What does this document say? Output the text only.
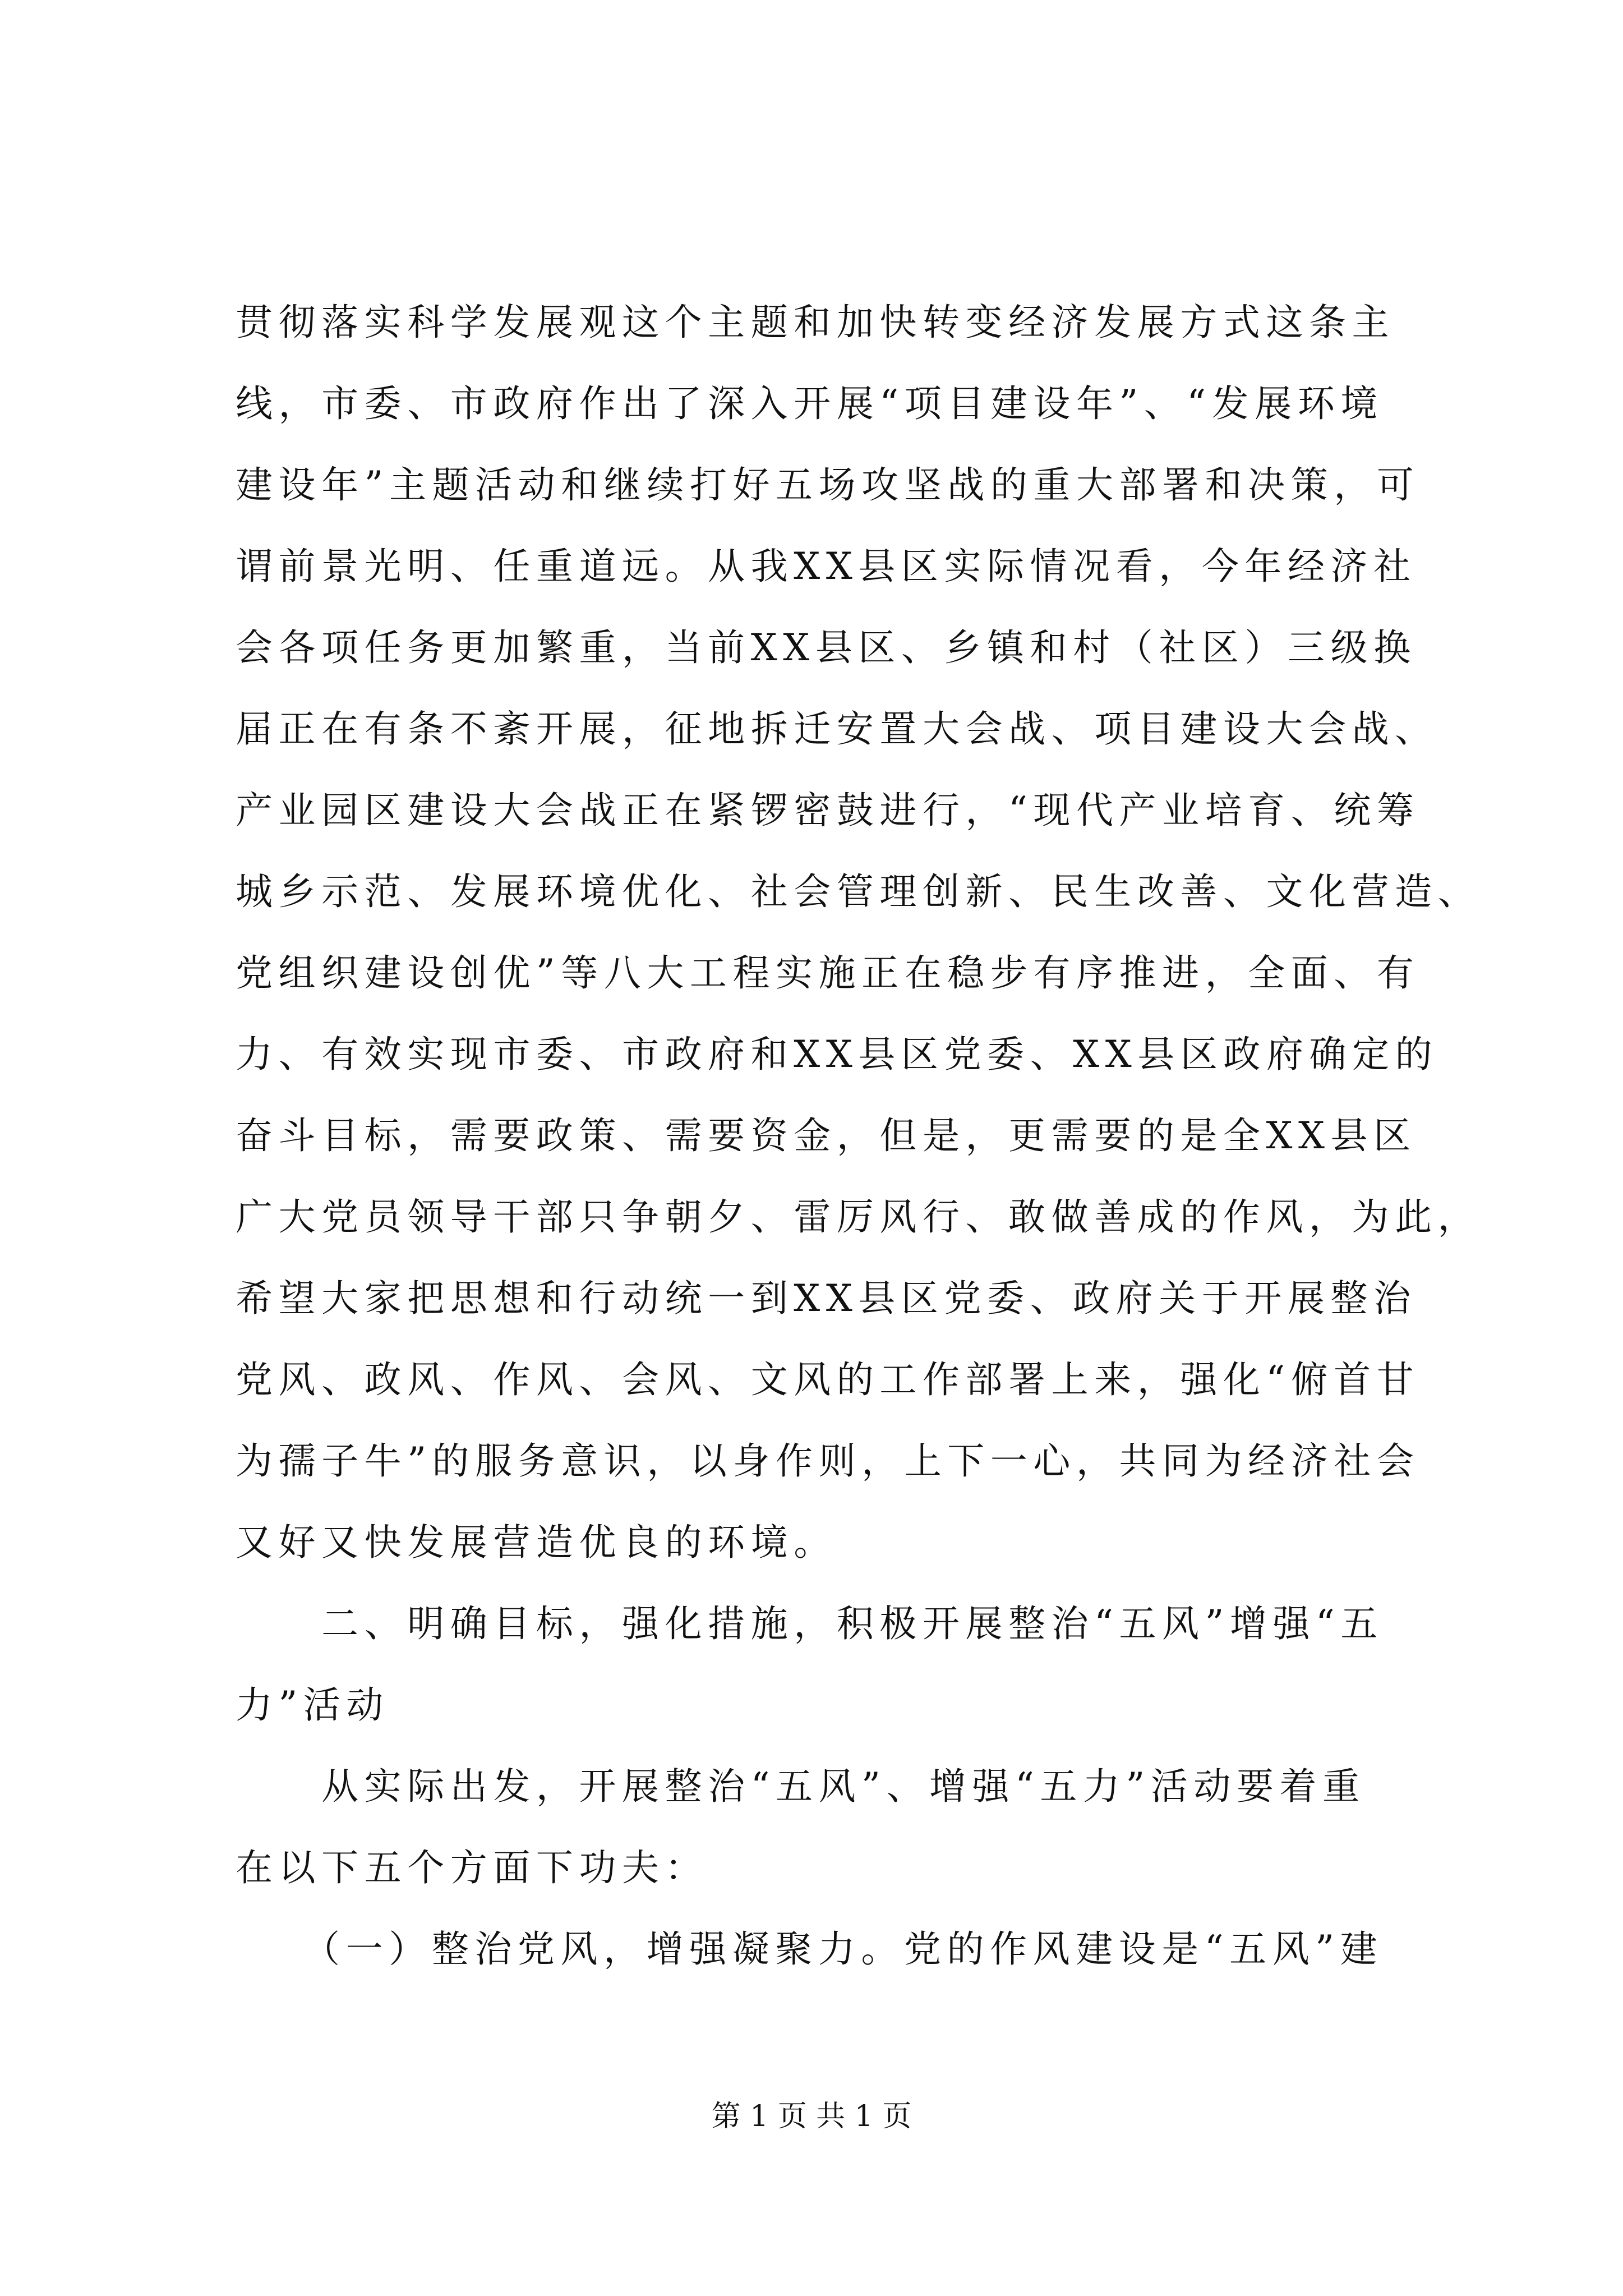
贯彻落实科学发展观这个主题和加快转变经济发展方式这条主
线，市委、市政府作出了深入开展“项目建设年”、“发展环境
建设年”主题活动和继续打好五场攻坚战的重大部署和决策，可
谓前景光明、任重道远。从我XX县区实际情况看，今年经济社
会各项任务更加繁重，当前XX县区、乡镇和村（社区）三级换
届正在有条不紊开展，征地拆迁安置大会战、项目建设大会战、
产业园区建设大会战正在紧锣密鼓进行，“现代产业培育、统筹
城乡示范、发展环境优化、社会管理创新、民生改善、文化营造、
党组织建设创优”等八大工程实施正在稳步有序推进，全面、有
力、有效实现市委、市政府和XX县区党委、XX县区政府确定的
奋斗目标，需要政策、需要资金，但是，更需要的是全XX县区
广大党员领导干部只争朝夕、雷厉风行、敢做善成的作风，为此，
希望大家把思想和行动统一到XX县区党委、政府关于开展整治
党风、政风、作风、会风、文风的工作部署上来，强化“俯首甘
为孺子牛”的服务意识，以身作则，上下一心，共同为经济社会
又好又快发展营造优良的环境。
　　二、明确目标，强化措施，积极开展整治“五风”增强“五
力”活动
　　从实际出发，开展整治“五风”、增强“五力”活动要着重
在以下五个方面下功夫：
　　（一）整治党风，增强凝聚力。党的作风建设是“五风”建
第 1 页 共 1 页
